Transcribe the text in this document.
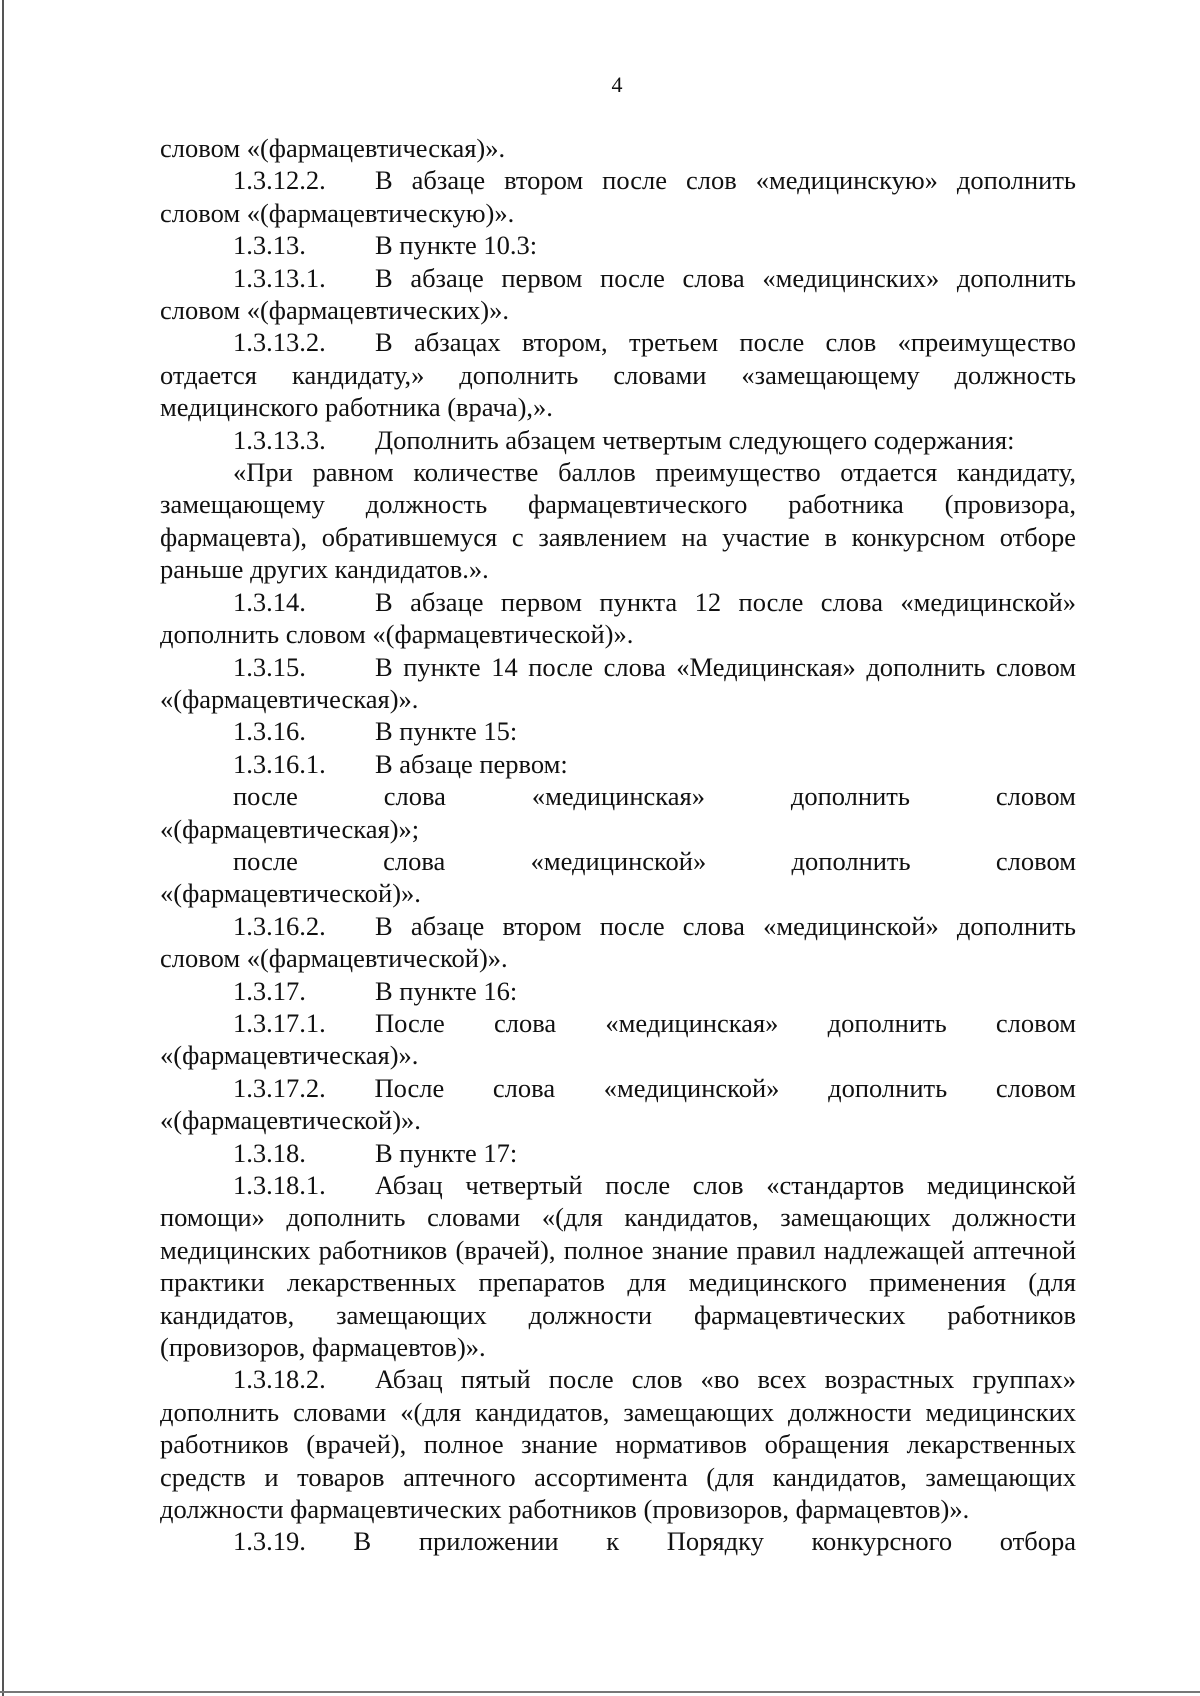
4

словом «(фармацевтическая)».

1.3.12.2. В абзаце втором после слов «медицинскую» дополнить словом «(фармацевтическую)».

1.3.13.	В пункте 10.3:

1.3.13.1. В абзаце первом после слова «медицинских» дополнить словом «(фармацевтических)».

1.3.13.2. В абзацах втором, третьем после слов «преимущество отдается кандидату,» дополнить словами «замещающему должность медицинского работника (врача),».

1.3.13.3. Дополнить абзацем четвертым следующего содержания:

«При равном количестве баллов преимущество отдается кандидату, замещающему должность фармацевтического работника (провизора, фармацевта), обратившемуся с заявлением на участие в конкурсном отборе раньше других кандидатов.».

1.3.14.	В абзаце первом пункта 12 после слова «медицинской» дополнить словом «(фармацевтической)».

1.3.15.	В пункте 14 после слова «Медицинская» дополнить словом «(фармацевтическая)».

1.3.16.	В пункте 15:

1.3.16.1. В абзаце первом:

после	слова	«медицинская»	дополнить	словом

«(фармацевтическая)»;

после	слова	«медицинской»	дополнить	словом

«(фармацевтической)».

1.3.16.2. В абзаце втором после слова «медицинской» дополнить словом «(фармацевтической)».

1.3.17.	В пункте 16:

1.3.17.1. После слова «медицинская» дополнить словом

«(фармацевтическая)».

1.3.17.2. После слова «медицинской» дополнить словом

«(фармацевтической)».

1.3.18.	В пункте 17:

1.3.18.1. Абзац четвертый после слов «стандартов медицинской помощи» дополнить словами «(для кандидатов, замещающих должности медицинских работников (врачей), полное знание правил надлежащей аптечной практики лекарственных препаратов для медицинского применения (для кандидатов, замещающих должности фармацевтических работников (провизоров, фармацевтов)».

1.3.18.2. Абзац пятый после слов «во всех возрастных группах» дополнить словами «(для кандидатов, замещающих должности медицинских работников (врачей), полное знание нормативов обращения лекарственных средств и товаров аптечного ассортимента (для кандидатов, замещающих должности фармацевтических работников (провизоров, фармацевтов)».

1.3.19. В приложении к Порядку конкурсного отбора
